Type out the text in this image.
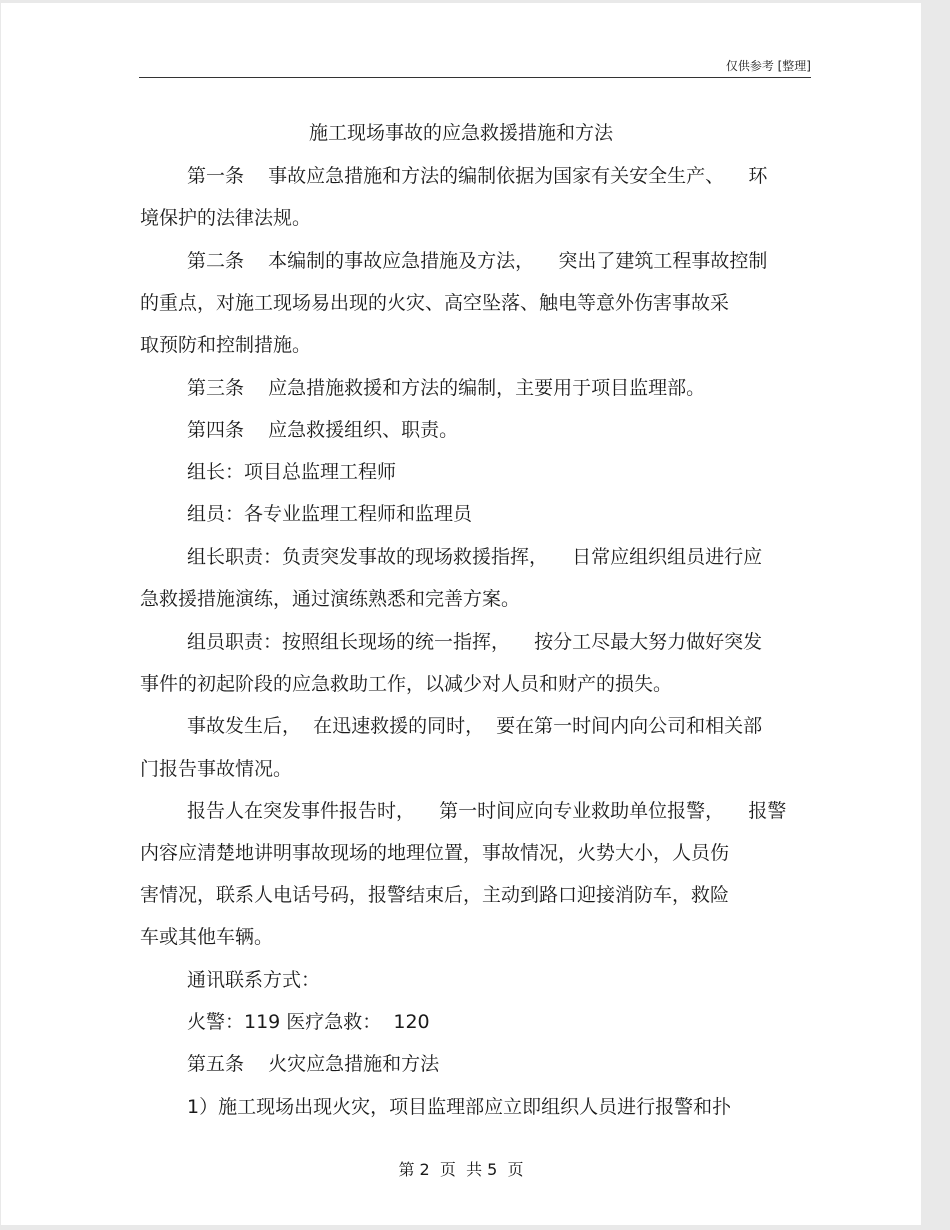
仅供参考 [整理]
施工现场事故的应急救援措施和方法
第一条    事故应急措施和方法的编制依据为国家有关安全生产、    环
境保护的法律法规。
第二条    本编制的事故应急措施及方法，    突出了建筑工程事故控制
的重点，对施工现场易出现的火灾、高空坠落、触电等意外伤害事故采
取预防和控制措施。
第三条    应急措施救援和方法的编制，主要用于项目监理部。
第四条    应急救援组织、职责。
组长：项目总监理工程师
组员：各专业监理工程师和监理员
组长职责：负责突发事故的现场救援指挥，    日常应组织组员进行应
急救援措施演练，通过演练熟悉和完善方案。
组员职责：按照组长现场的统一指挥，    按分工尽最大努力做好突发
事件的初起阶段的应急救助工作，以减少对人员和财产的损失。
事故发生后，  在迅速救援的同时，  要在第一时间内向公司和相关部
门报告事故情况。
报告人在突发事件报告时，    第一时间应向专业救助单位报警，    报警
内容应清楚地讲明事故现场的地理位置，事故情况，火势大小，人员伤
害情况，联系人电话号码，报警结束后，主动到路口迎接消防车，救险
车或其他车辆。
通讯联系方式：
火警：119 医疗急救：  120
第五条    火灾应急措施和方法
1）施工现场出现火灾，项目监理部应立即组织人员进行报警和扑
第 2  页  共 5  页
